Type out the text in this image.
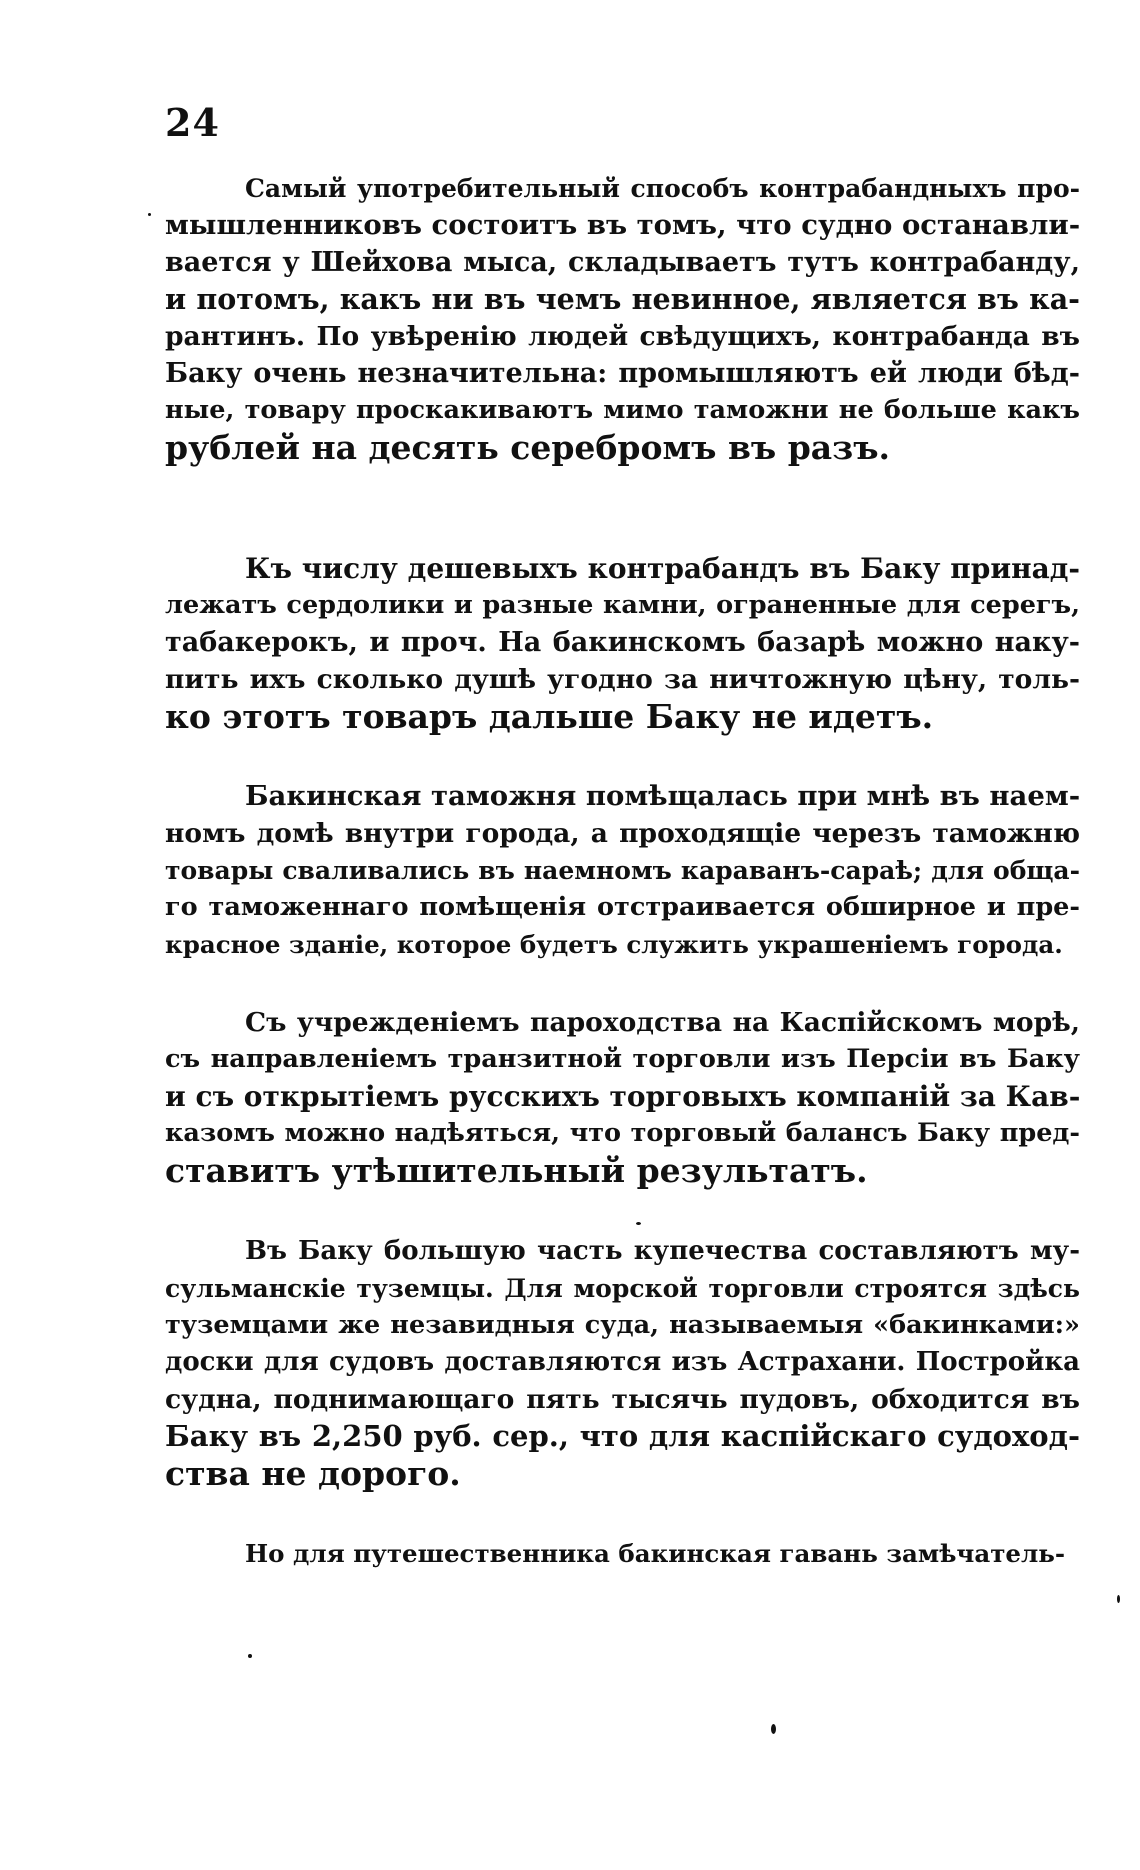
24
Самый употребительный способъ контрабандныхъ про-
мышленниковъ состоитъ въ томъ, что судно останавли-
вается у Шейхова мыса, складываетъ тутъ контрабанду,
и потомъ, какъ ни въ чемъ невинное, является въ ка-
рантинъ. По увѣренію людей свѣдущихъ, контрабанда въ
Баку очень незначительна: промышляютъ ей люди бѣд-
ные, товару проскакиваютъ мимо таможни не больше какъ
рублей на десять серебромъ въ разъ.
Къ числу дешевыхъ контрабандъ въ Баку принад-
лежатъ сердолики и разные камни, ограненные для серегъ,
табакерокъ, и проч. На бакинскомъ базарѣ можно наку-
пить ихъ сколько душѣ угодно за ничтожную цѣну, толь-
ко этотъ товаръ дальше Баку не идетъ.
Бакинская таможня помѣщалась при мнѣ въ наем-
номъ домѣ внутри города, а проходящіе черезъ таможню
товары сваливались въ наемномъ караванъ-сараѣ; для обща-
го таможеннаго помѣщенія отстраивается обширное и пре-
красное зданіе, которое будетъ служить украшеніемъ города.
Съ учрежденіемъ пароходства на Каспійскомъ морѣ,
съ направленіемъ транзитной торговли изъ Персіи въ Баку
и съ открытіемъ русскихъ торговыхъ компаній за Кав-
казомъ можно надѣяться, что торговый балансъ Баку пред-
ставитъ утѣшительный результатъ.
Въ Баку большую часть купечества составляютъ му-
сульманскіе туземцы. Для морской торговли строятся здѣсь
туземцами же незавидныя суда, называемыя «бакинками:»
доски для судовъ доставляются изъ Астрахани. Постройка
судна, поднимающаго пять тысячь пудовъ, обходится въ
Баку въ 2,250 руб. сер., что для каспійскаго судоход-
ства не дорого.
Но для путешественника бакинская гавань замѣчатель-
